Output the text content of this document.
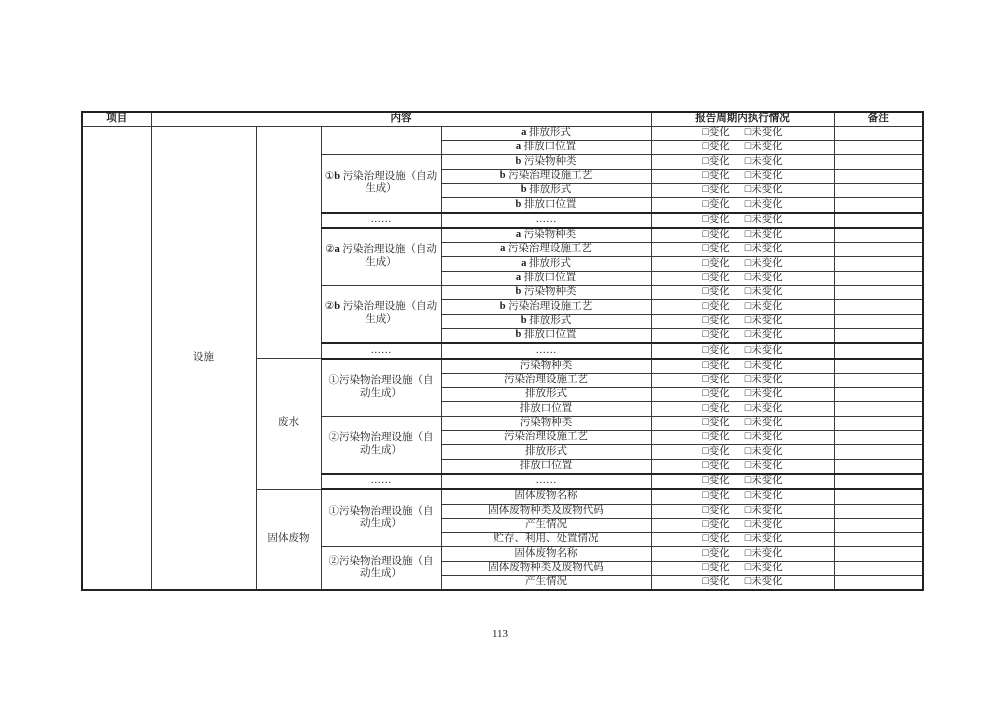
项目	内容				报告周期内执行情况	备注
	设施			a 排放形式	□变化 □未变化	
				a 排放口位置	□变化 □未变化	
			①b 污染治理设施（自动生成）	b 污染物种类	□变化 □未变化	
				b 污染治理设施工艺	□变化 □未变化	
				b 排放形式	□变化 □未变化	
				b 排放口位置	□变化 □未变化	
			……	……	□变化 □未变化	
			②a 污染治理设施（自动生成）	a 污染物种类	□变化 □未变化	
				a 污染治理设施工艺	□变化 □未变化	
				a 排放形式	□变化 □未变化	
				a 排放口位置	□变化 □未变化	
			②b 污染治理设施（自动生成）	b 污染物种类	□变化 □未变化	
				b 污染治理设施工艺	□变化 □未变化	
				b 排放形式	□变化 □未变化	
				b 排放口位置	□变化 □未变化	
			……	……	□变化 □未变化	
		废水	①污染物治理设施（自动生成）	污染物种类	□变化 □未变化	
				污染治理设施工艺	□变化 □未变化	
				排放形式	□变化 □未变化	
				排放口位置	□变化 □未变化	
			②污染物治理设施（自动生成）	污染物种类	□变化 □未变化	
				污染治理设施工艺	□变化 □未变化	
				排放形式	□变化 □未变化	
				排放口位置	□变化 □未变化	
			……	……	□变化 □未变化	
		固体废物	①污染物治理设施（自动生成）	固体废物名称	□变化 □未变化	
				固体废物种类及废物代码	□变化 □未变化	
				产生情况	□变化 □未变化	
				贮存、利用、处置情况	□变化 □未变化	
			②污染物治理设施（自动生成）	固体废物名称	□变化 □未变化	
				固体废物种类及废物代码	□变化 □未变化	
				产生情况	□变化 □未变化	
113
